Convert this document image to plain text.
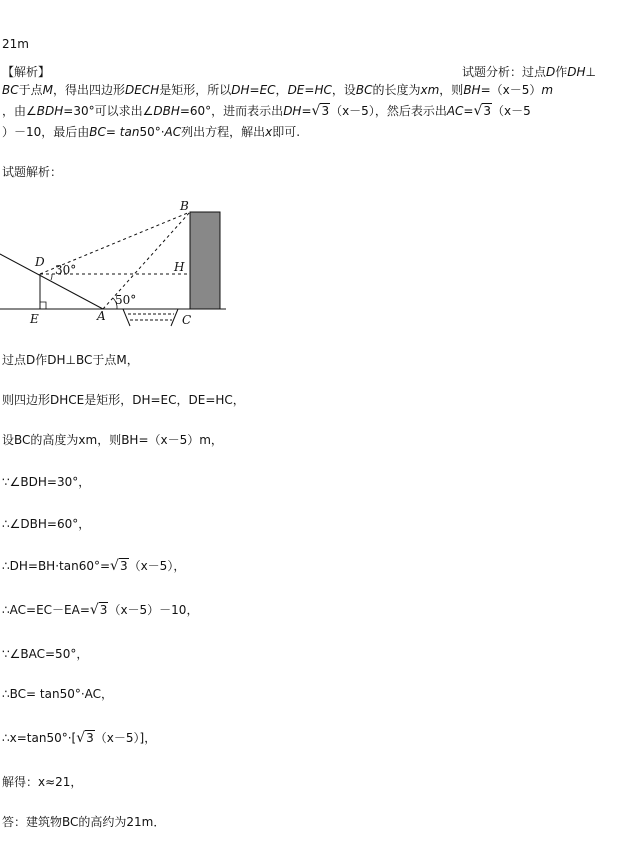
21m
【解析】	试题分析：过点D作DH⊥
BC于点M，得出四边形DECH是矩形，所以DH=EC，DE=HC，设BC的长度为xm，则BH=（x－5）m
，由∠BDH=30°可以求出∠DBH=60°，进而表示出DH=√3（x－5），然后表示出AC=√3（x－5
）－10，最后由BC= tan50°·AC列出方程，解出x即可.
试题解析：
B
D	H
E	A	C
30°
50°
过点D作DH⊥BC于点M，
则四边形DHCE是矩形，DH=EC，DE=HC，
设BC的高度为xm，则BH=（x－5）m，
∵∠BDH=30°，
∴∠DBH=60°，
∴DH=BH·tan60°=√3（x－5），
∴AC=EC－EA=√3（x－5）－10，
∵∠BAC=50°，
∴BC= tan50°·AC，
∴x=tan50°·[√3（x－5）]，
解得：x≈21，
答：建筑物BC的高约为21m．
